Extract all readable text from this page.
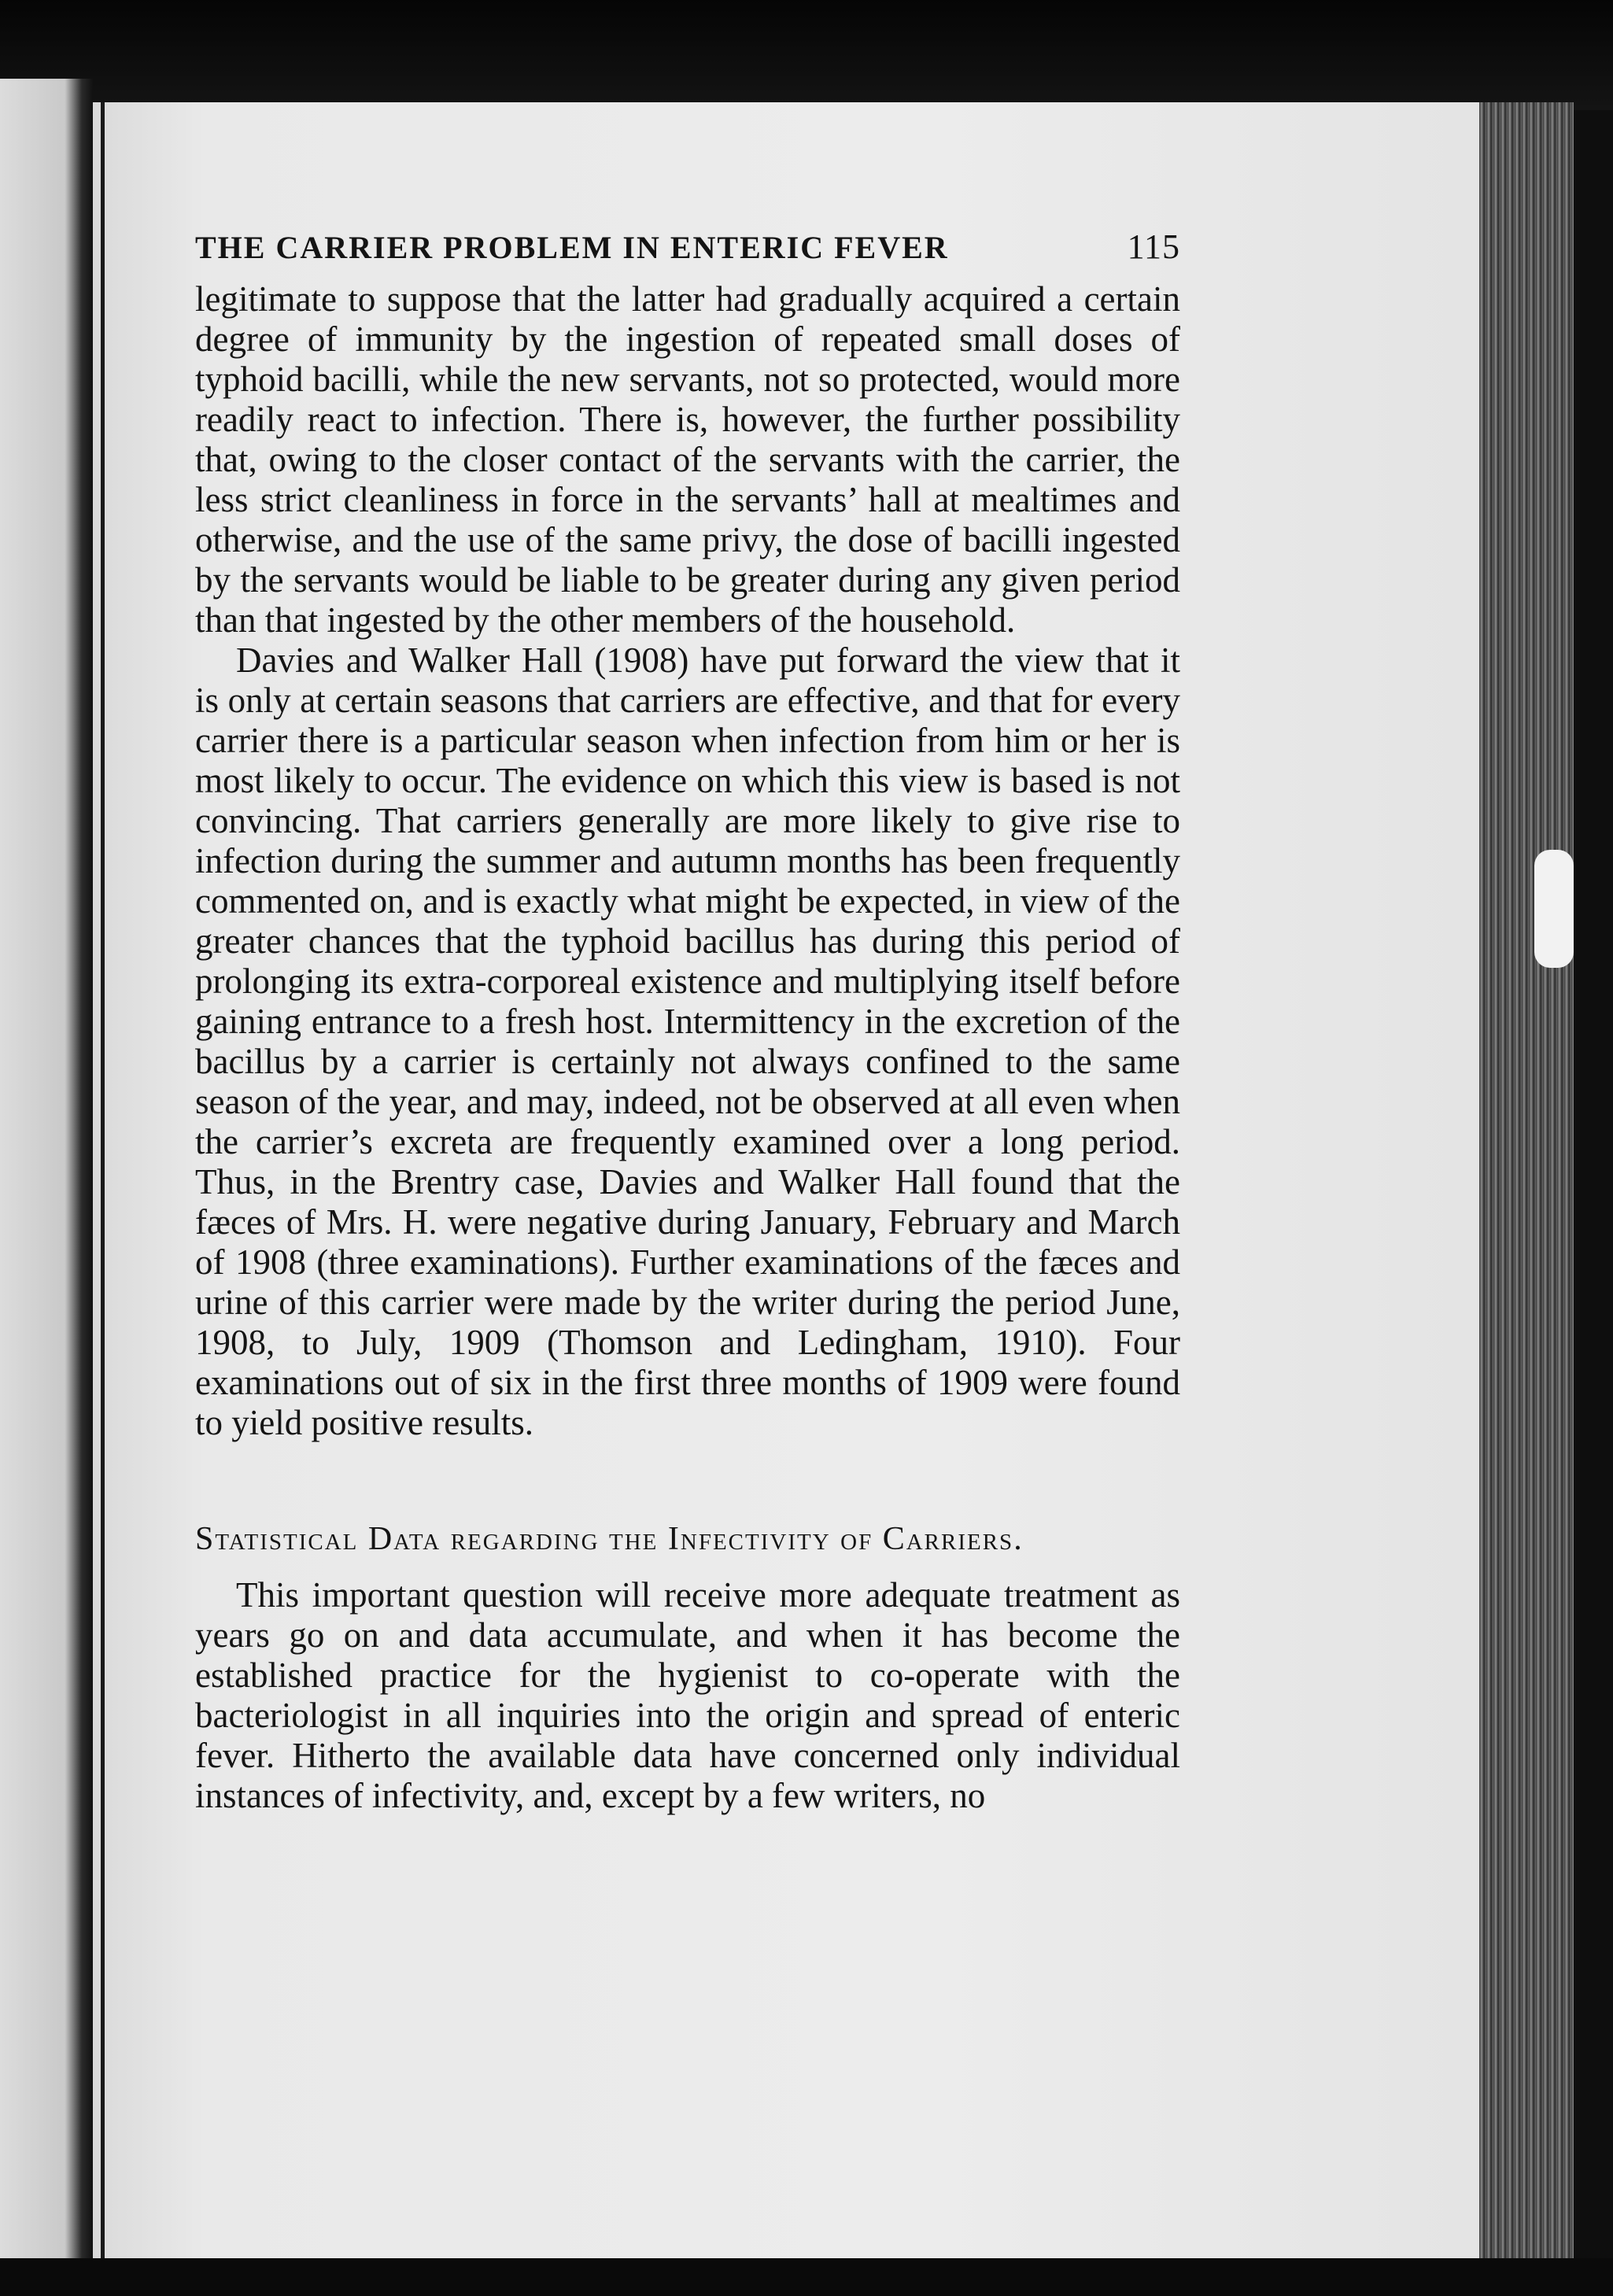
THE CARRIER PROBLEM IN ENTERIC FEVER	115

legitimate to suppose that the latter had gradually acquired a certain degree of immunity by the ingestion of repeated small doses of typhoid bacilli, while the new servants, not so protected, would more readily react to infection. There is, however, the further possibility that, owing to the closer contact of the servants with the carrier, the less strict cleanliness in force in the servants’ hall at mealtimes and otherwise, and the use of the same privy, the dose of bacilli ingested by the servants would be liable to be greater during any given period than that ingested by the other members of the household.

Davies and Walker Hall (1908) have put forward the view that it is only at certain seasons that carriers are effective, and that for every carrier there is a particular season when infection from him or her is most likely to occur. The evidence on which this view is based is not convincing. That carriers generally are more likely to give rise to infection during the summer and autumn months has been frequently commented on, and is exactly what might be expected, in view of the greater chances that the typhoid bacillus has during this period of prolonging its extra-corporeal existence and multiplying itself before gaining entrance to a fresh host. Intermittency in the excretion of the bacillus by a carrier is certainly not always confined to the same season of the year, and may, indeed, not be observed at all even when the carrier’s excreta are frequently examined over a long period. Thus, in the Brentry case, Davies and Walker Hall found that the fæces of Mrs. H. were negative during January, February and March of 1908 (three examinations). Further examinations of the fæces and urine of this carrier were made by the writer during the period June, 1908, to July, 1909 (Thomson and Ledingham, 1910). Four examinations out of six in the first three months of 1909 were found to yield positive results.

Statistical Data regarding the Infectivity of Carriers.

This important question will receive more adequate treatment as years go on and data accumulate, and when it has become the established practice for the hygienist to co-operate with the bacteriologist in all inquiries into the origin and spread of enteric fever. Hitherto the available data have concerned only individual instances of infectivity, and, except by a few writers, no
